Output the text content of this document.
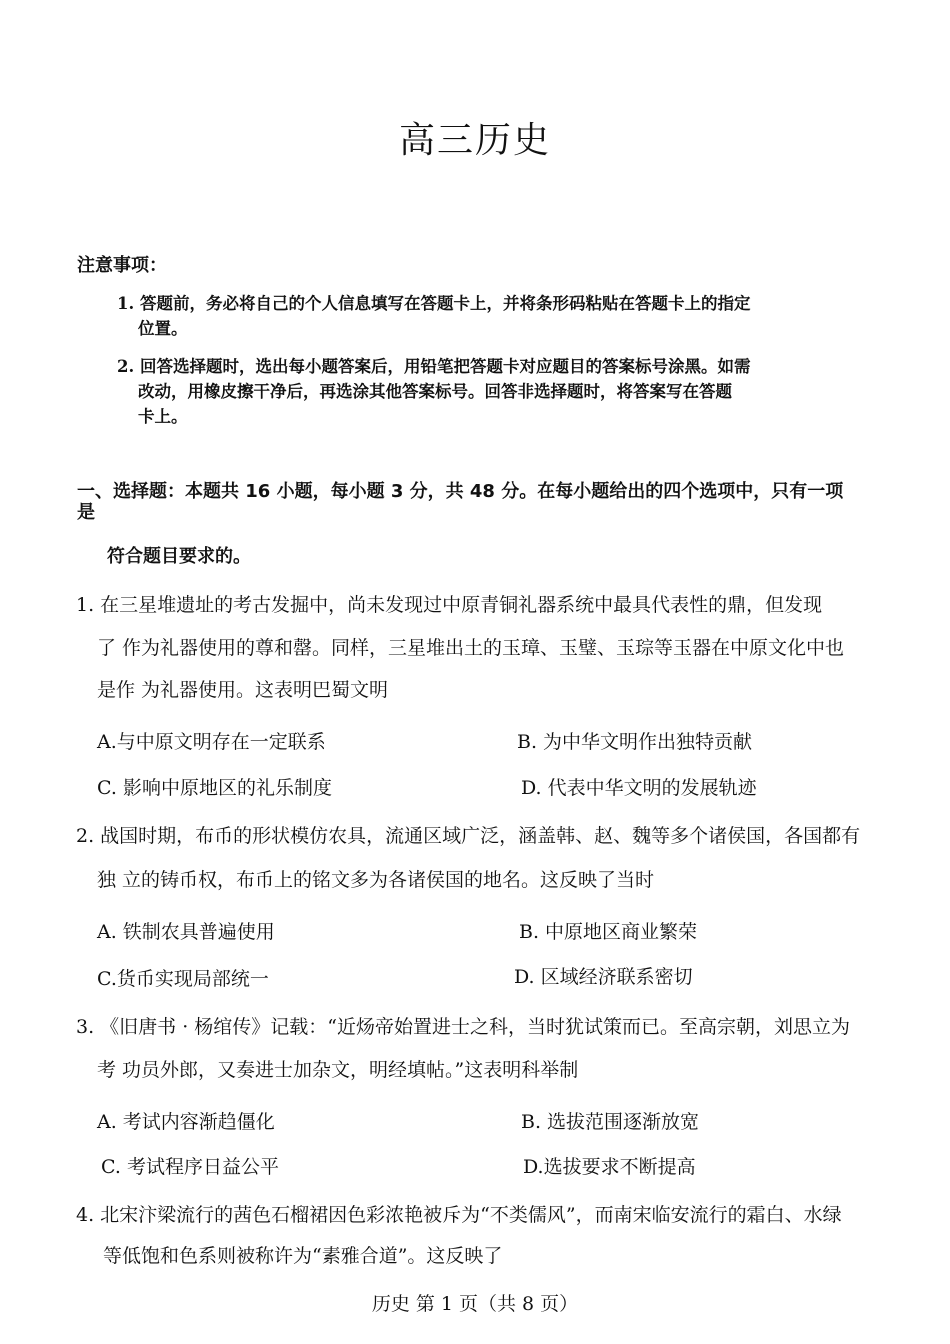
高三历史
注意事项：
1. 答题前，务必将自己的个人信息填写在答题卡上，并将条形码粘贴在答题卡上的指定
位置。
2. 回答选择题时，选出每小题答案后，用铅笔把答题卡对应题目的答案标号涂黑。如需
改动，用橡皮擦干净后，再选涂其他答案标号。回答非选择题时，将答案写在答题
卡上。
一、选择题：本题共 16 小题，每小题 3 分，共 48 分。在每小题给出的四个选项中，只有一项
是
符合题目要求的。
1. 在三星堆遗址的考古发掘中，尚未发现过中原青铜礼器系统中最具代表性的鼎，但发现
了 作为礼器使用的尊和罄。同样，三星堆出土的玉璋、玉璧、玉琮等玉器在中原文化中也
是作 为礼器使用。这表明巴蜀文明
A.与中原文明存在一定联系	B. 为中华文明作出独特贡献
C. 影响中原地区的礼乐制度	D. 代表中华文明的发展轨迹
2. 战国时期，布币的形状模仿农具，流通区域广泛，涵盖韩、赵、魏等多个诸侯国，各国都有
独 立的铸币权，布币上的铭文多为各诸侯国的地名。这反映了当时
A. 铁制农具普遍使用	B. 中原地区商业繁荣
C.货币实现局部统一	D. 区域经济联系密切
3. 《旧唐书 · 杨绾传》记载：“近炀帝始置进士之科，当时犹试策而已。至高宗朝，刘思立为
考 功员外郎，又奏进士加杂文，明经填帖。”这表明科举制
A. 考试内容渐趋僵化	B. 选拔范围逐渐放宽
C. 考试程序日益公平	D.选拔要求不断提高
4. 北宋汴梁流行的茜色石榴裙因色彩浓艳被斥为“不类儒风”，而南宋临安流行的霜白、水绿
等低饱和色系则被称许为“素雅合道”。这反映了
历史 第 1 页（共 8 页）
